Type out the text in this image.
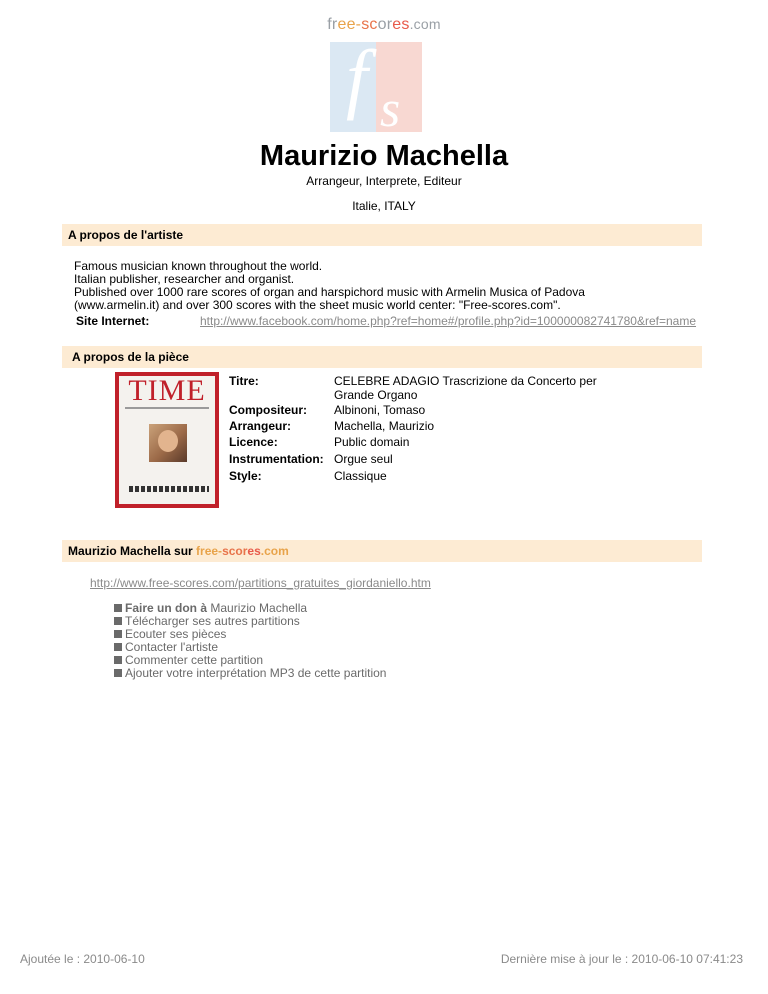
free-scores.com
f s
Maurizio Machella
Arrangeur, Interprete, Editeur
Italie, ITALY
A propos de l'artiste
Famous musician known throughout the world.
Italian publisher, researcher and organist.
Published over 1000 rare scores of organ and harspichord music with Armelin Musica of Padova
(www.armelin.it) and over 300 scores with the sheet music world center: "Free-scores.com".
Site Internet:	http://www.facebook.com/home.php?ref=home#/profile.php?id=100000082741780&ref=name
A propos de la pièce
TIME	Titre:	CELEBRE ADAGIO Trascrizione da Concerto per
Grande Organo
Compositeur: Albinoni, Tomaso
Arrangeur:	Machella, Maurizio
Licence:	Public domain
Instrumentation: Orgue seul
Style:	Classique
Maurizio Machella sur free-scores.com
http://www.free-scores.com/partitions_gratuites_giordaniello.htm
Faire un don à Maurizio Machella
Télécharger ses autres partitions
Ecouter ses pièces
Contacter l'artiste
Commenter cette partition
Ajouter votre interprétation MP3 de cette partition
Ajoutée le : 2010-06-10	Dernière mise à jour le : 2010-06-10 07:41:23
